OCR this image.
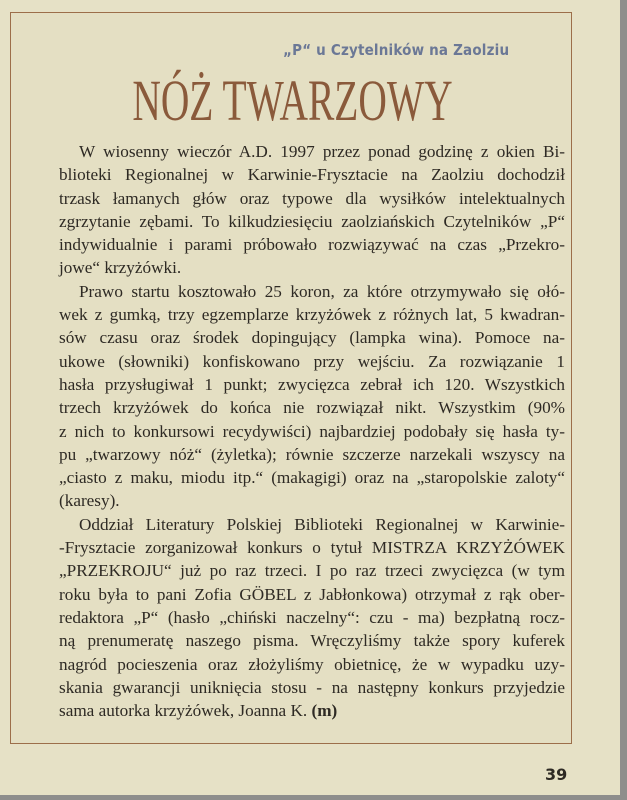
„P“ u Czytelników na Zaolziu
NÓŻ TWARZOWY
W wiosenny wieczór A.D. 1997 przez ponad godzinę z okien Bi-
blioteki Regionalnej w Karwinie-Frysztacie na Zaolziu dochodził
trzask łamanych głów oraz typowe dla wysiłków intelektualnych
zgrzytanie zębami. To kilkudziesięciu zaolziańskich Czytelników „P“
indywidualnie i parami próbowało rozwiązywać na czas „Przekro-
jowe“ krzyżówki.
Prawo startu kosztowało 25 koron, za które otrzymywało się ołó-
wek z gumką, trzy egzemplarze krzyżówek z różnych lat, 5 kwadran-
sów czasu oraz środek dopingujący (lampka wina). Pomoce na-
ukowe (słowniki) konfiskowano przy wejściu. Za rozwiązanie 1
hasła przysługiwał 1 punkt; zwycięzca zebrał ich 120. Wszystkich
trzech krzyżówek do końca nie rozwiązał nikt. Wszystkim (90%
z nich to konkursowi recydywiści) najbardziej podobały się hasła ty-
pu „twarzowy nóż“ (żyletka); równie szczerze narzekali wszyscy na
„ciasto z maku, miodu itp.“ (makagigi) oraz na „staropolskie zaloty“
(karesy).
Oddział Literatury Polskiej Biblioteki Regionalnej w Karwinie-
-Frysztacie zorganizował konkurs o tytuł MISTRZA KRZYŻÓWEK
„PRZEKROJU“ już po raz trzeci. I po raz trzeci zwycięzca (w tym
roku była to pani Zofia GÖBEL z Jabłonkowa) otrzymał z rąk ober-
redaktora „P“ (hasło „chiński naczelny“: czu - ma) bezpłatną rocz-
ną prenumeratę naszego pisma. Wręczyliśmy także spory kuferek
nagród pocieszenia oraz złożyliśmy obietnicę, że w wypadku uzy-
skania gwarancji uniknięcia stosu - na następny konkurs przyjedzie
sama autorka krzyżówek, Joanna K. (m)
39
